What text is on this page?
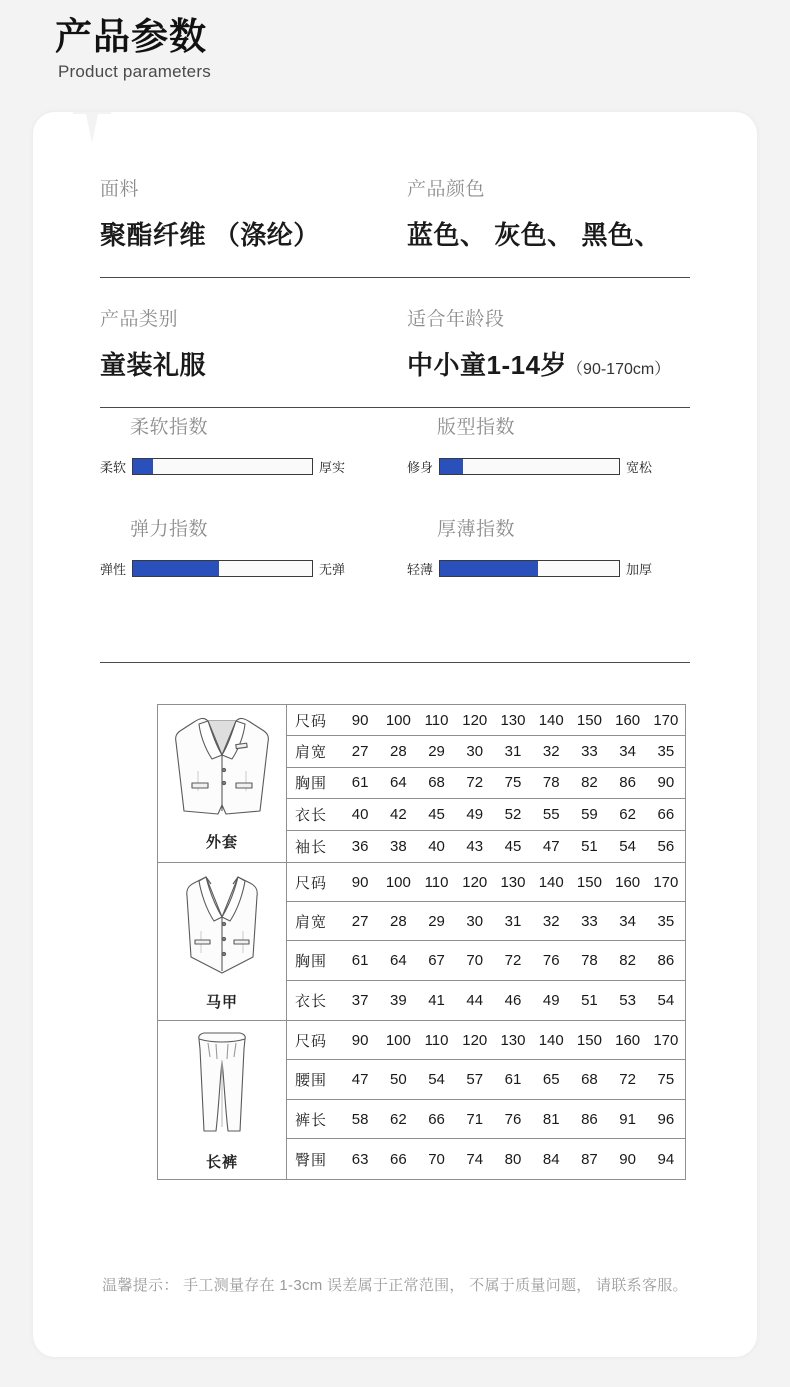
产品参数
Product parameters
面料
聚酯纤维 （涤纶）
产品颜色
蓝色、 灰色、 黑色、
产品类别
童装礼服
适合年龄段
中小童1-14岁（90-170cm）
柔软指数
柔软	厚实
版型指数
修身	宽松
弹力指数
弹性	无弹
厚薄指数
轻薄	加厚
外套
尺码	90	100 110 120 130 140 150 160 170
肩宽	27	28	29	30	31	32	33	34	35
胸围	61	64	68	72	75	78	82	86	90
衣长	40	42	45	49	52	55	59	62	66
袖长	36	38	40	43	45	47	51	54	56
马甲
尺码	90	100 110 120 130 140 150 160 170
肩宽	27	28	29	30	31	32	33	34	35
胸围	61	64	67	70	72	76	78	82	86
衣长	37	39	41	44	46	49	51	53	54
长裤
尺码	90	100 110 120 130 140 150 160 170
腰围	47	50	54	57	61	65	68	72	75
裤长	58	62	66	71	76	81	86	91	96
臀围	63	66	70	74	80	84	87	90	94
温馨提示： 手工测量存在 1-3cm 误差属于正常范围， 不属于质量问题， 请联系客服。
